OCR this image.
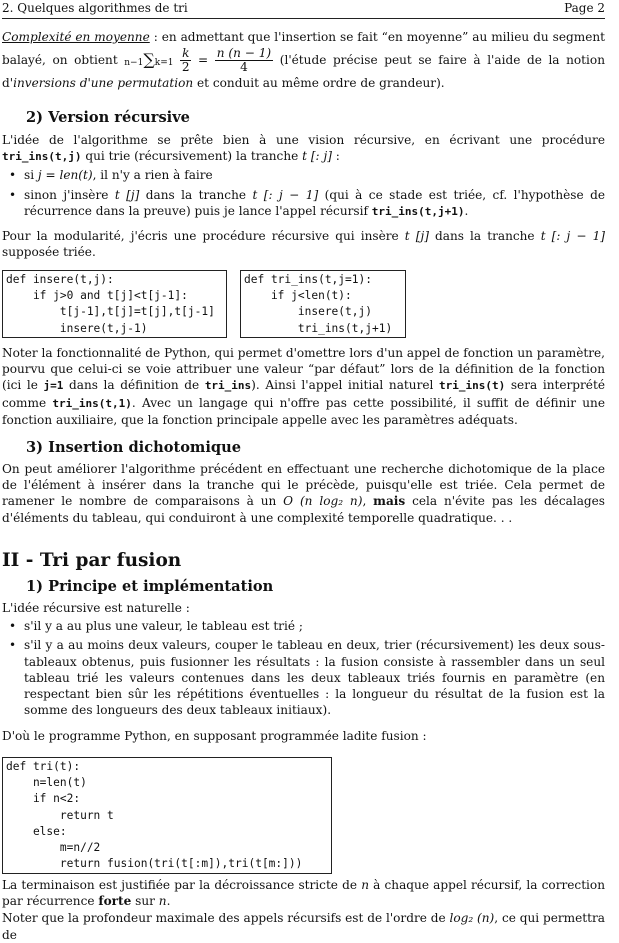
2. Quelques algorithmes de tri	Page 2

Complexité en moyenne : en admettant que l'insertion se fait “en moyenne” au milieu du segment balayé, on obtient $n-1\sum k=1 \frac{k}{2} = \frac{n (n - 1)}{4}$ (l'étude précise peut se faire à l'aide de la notion d'inversions d'une permutation et conduit au même ordre de grandeur).

2) Version récursive

L'idée de l'algorithme se prête bien à une vision récursive, en écrivant une procédure tri_ins(t,j) qui trie (récursivement) la tranche t [: j] :

• si j = len(t), il n'y a rien à faire
• sinon j'insère t [j] dans la tranche t [: j − 1] (qui à ce stade est triée, cf. l'hypothèse de récurrence dans la preuve) puis je lance l'appel récursif tri_ins(t,j+1).

Pour la modularité, j'écris une procédure récursive qui insère t [j] dans la tranche t [: j − 1] supposée triée.

def insere(t,j):
if j>0 and t[j]<t[j-1]:
t[j-1],t[j]=t[j],t[j-1]
insere(t,j-1)
def tri_ins(t,j=1):
if j<len(t):
insere(t,j)
tri_ins(t,j+1)

Noter la fonctionnalité de Python, qui permet d'omettre lors d'un appel de fonction un paramètre, pourvu que celui-ci se voie attribuer une valeur “par défaut” lors de la définition de la fonction (ici le j=1 dans la définition de tri_ins). Ainsi l'appel initial naturel tri_ins(t) sera interprété comme tri_ins(t,1). Avec un langage qui n'offre pas cette possibilité, il suffit de définir une fonction auxiliaire, que la fonction principale appelle avec les paramètres adéquats.

3) Insertion dichotomique

On peut améliorer l'algorithme précédent en effectuant une recherche dichotomique de la place de l'élément à insérer dans la tranche qui le précède, puisqu'elle est triée. Cela permet de ramener le nombre de comparaisons à un O (n log₂ n), mais cela n'évite pas les décalages d'éléments du tableau, qui conduiront à une complexité temporelle quadratique. . .

II - Tri par fusion
1) Principe et implémentation

L'idée récursive est naturelle :

• s'il y a au plus une valeur, le tableau est trié ;
• s'il y a au moins deux valeurs, couper le tableau en deux, trier (récursivement) les deux sous-tableaux obtenus, puis fusionner les résultats : la fusion consiste à rassembler dans un seul tableau trié les valeurs contenues dans les deux tableaux triés fournis en paramètre (en respectant bien sûr les répétitions éventuelles : la longueur du résultat de la fusion est la somme des longueurs des deux tableaux initiaux).

D'où le programme Python, en supposant programmée ladite fusion :

def tri(t):
n=len(t)
if n<2:
return t
else:
m=n//2
return fusion(tri(t[:m]),tri(t[m:]))

La terminaison est justifiée par la décroissance stricte de n à chaque appel récursif, la correction par récurrence forte sur n.

Noter que la profondeur maximale des appels récursifs est de l'ordre de log₂ (n), ce qui permettra de
